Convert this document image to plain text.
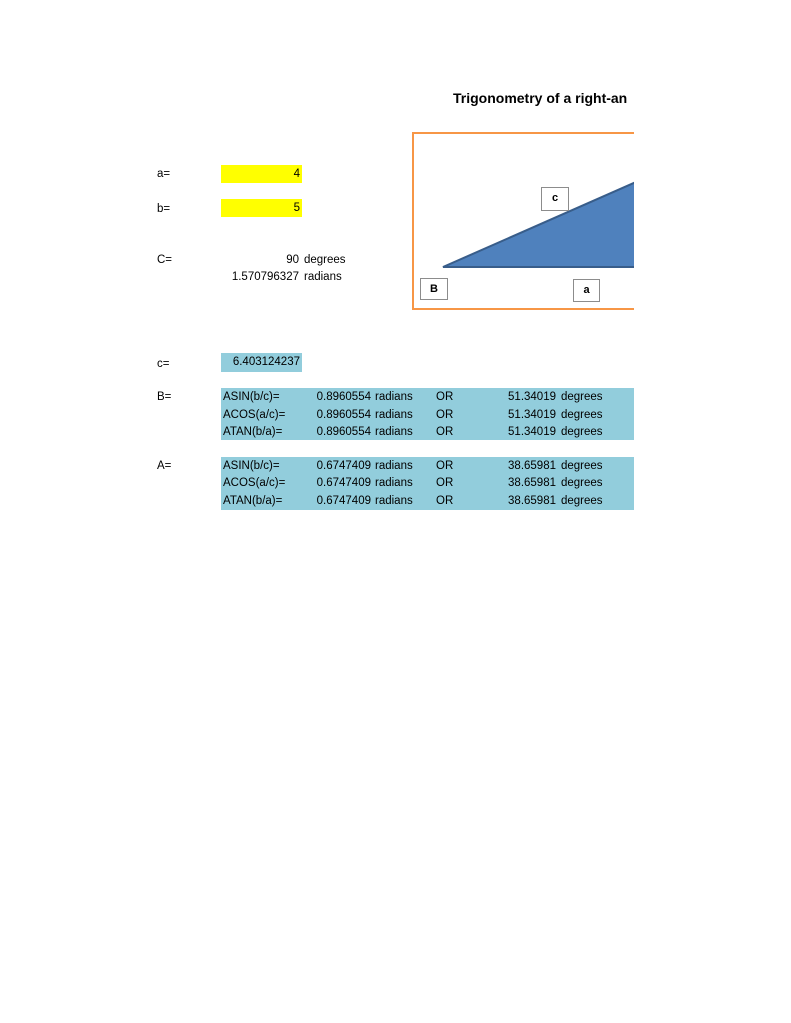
Trigonometry of a right-an
a=	4
b=	5
C=	90 degrees
1.570796327 radians
c
B	a
c=	6.403124237
B=	ASIN(b/c)=	0.8960554 radians OR	51.34019 degrees
ACOS(a/c)=	0.8960554 radians OR	51.34019 degrees
ATAN(b/a)=	0.8960554 radians OR	51.34019 degrees
A=	ASIN(b/c)=	0.6747409 radians OR	38.65981 degrees
ACOS(a/c)=	0.6747409 radians OR	38.65981 degrees
ATAN(b/a)=	0.6747409 radians OR	38.65981 degrees
